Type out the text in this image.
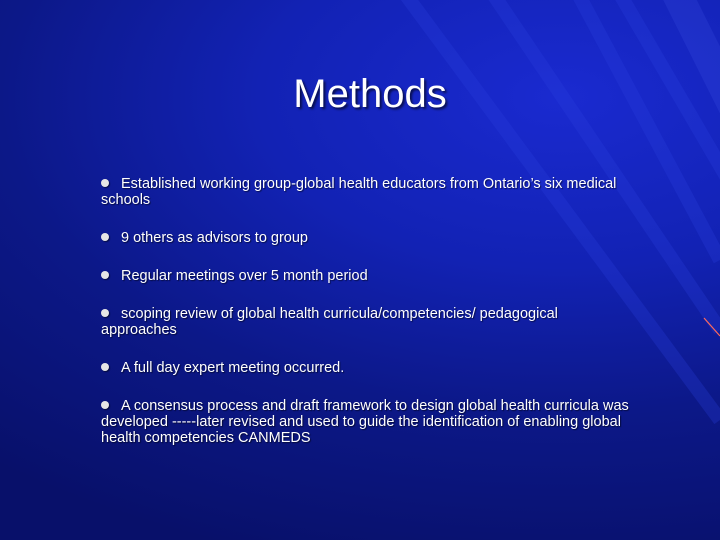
Methods
Established working group-global health educators from Ontario’s six medical schools
9 others as advisors to group
Regular meetings over 5 month period
scoping review of global health curricula/competencies/ pedagogical approaches
A full day expert meeting occurred.
A consensus process and draft framework to design global health curricula was developed -----later revised and used to guide the identification of enabling global health competencies CANMEDS
